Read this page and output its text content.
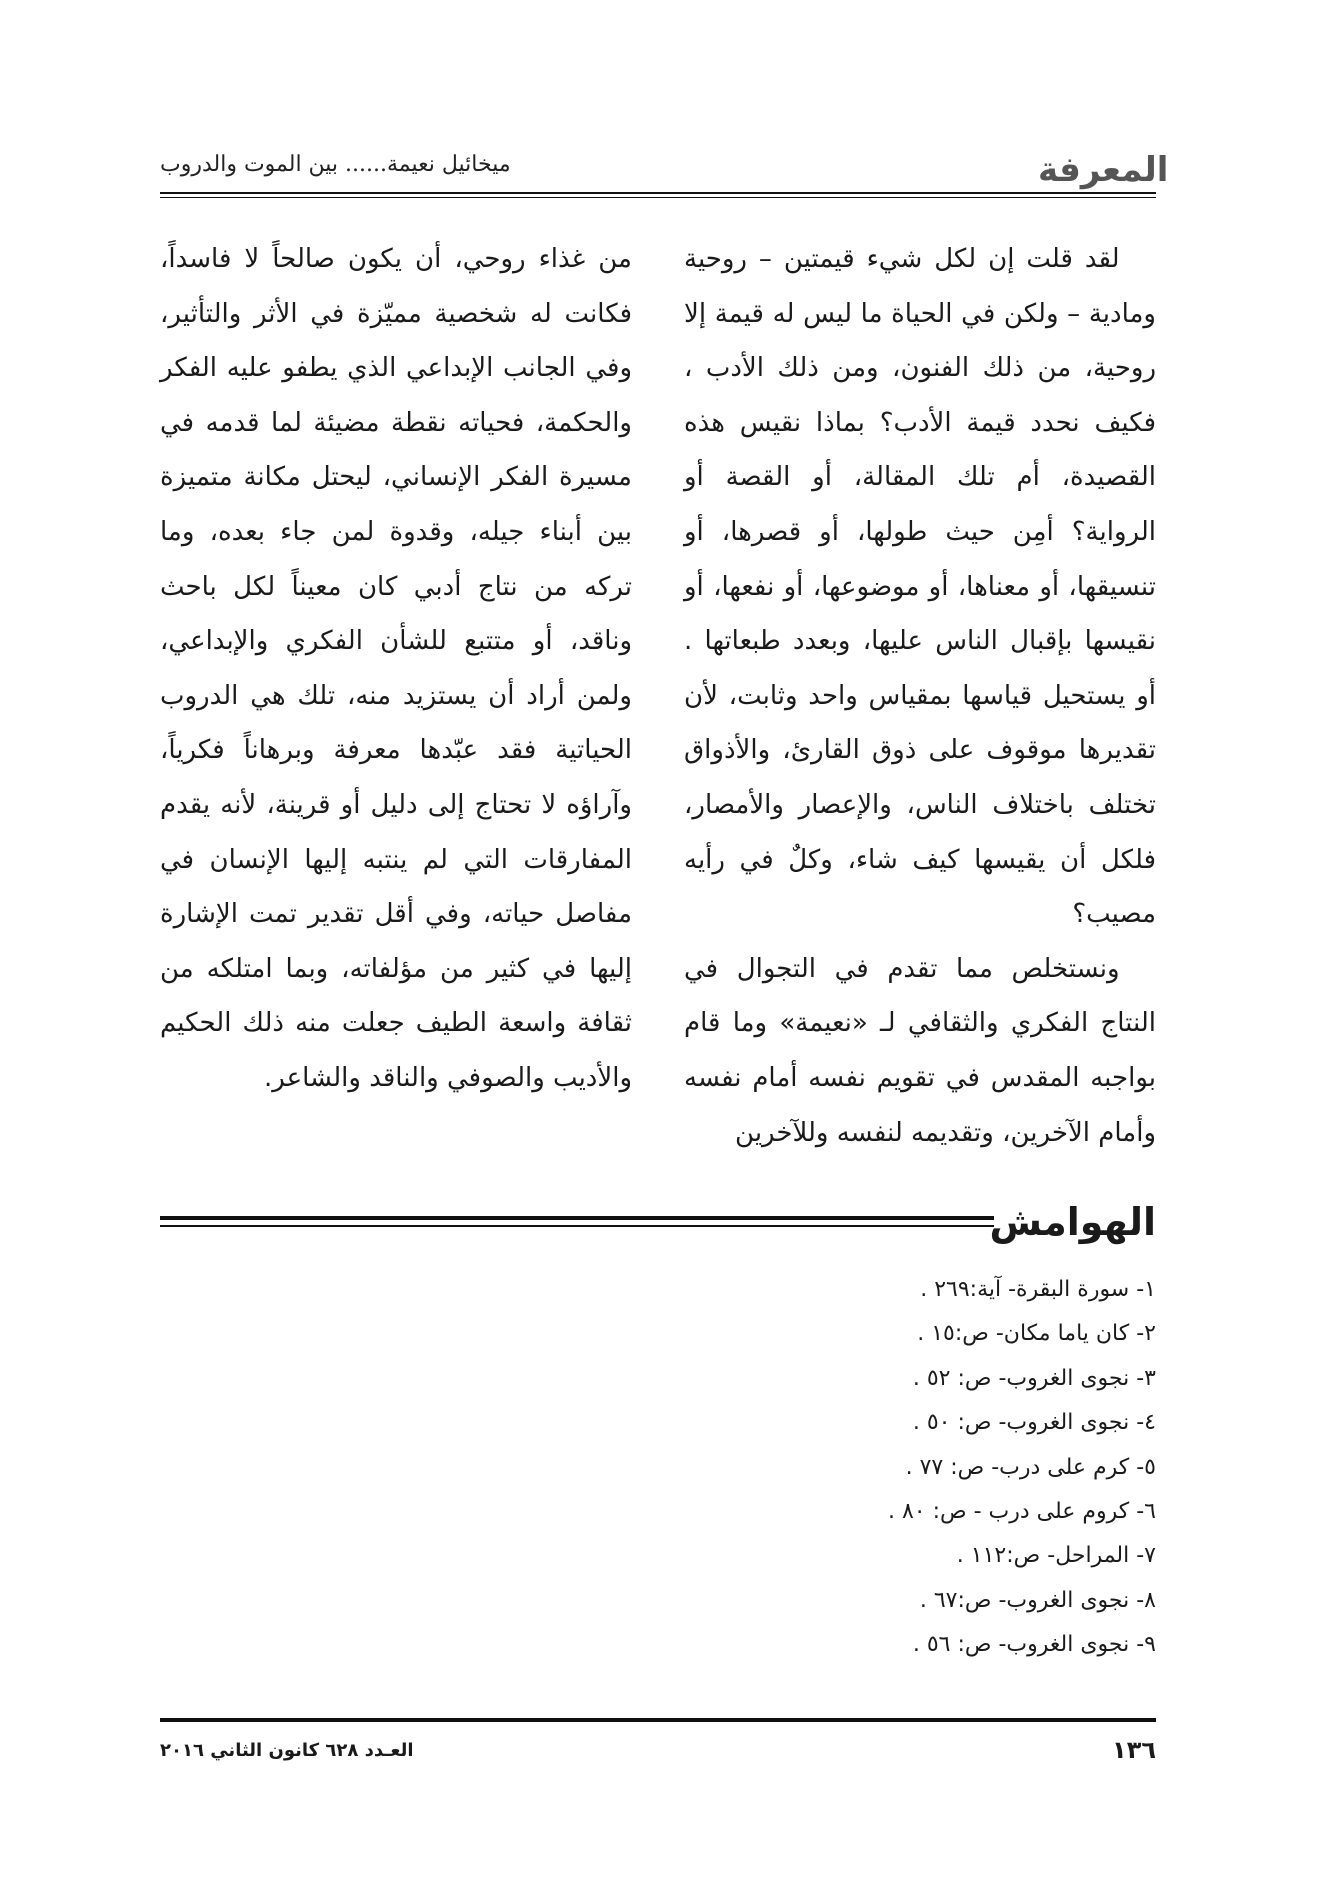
المعرفة
ميخائيل نعيمة...... بين الموت والدروب

لقد قلت إن لكل شيء قيمتين – روحية ومادية – ولكن في الحياة ما ليس له قيمة إلا روحية، من ذلك الفنون، ومن ذلك الأدب ، فكيف نحدد قيمة الأدب؟ بماذا نقيس هذه القصيدة، أم تلك المقالة، أو القصة أو الرواية؟ أمِن حيث طولها، أو قصرها، أو تنسيقها، أو معناها، أو موضوعها، أو نفعها، أو نقيسها بإقبال الناس عليها، وبعدد طبعاتها . أو يستحيل قياسها بمقياس واحد وثابت، لأن تقديرها موقوف على ذوق القارئ، والأذواق تختلف باختلاف الناس، والإعصار والأمصار، فلكل أن يقيسها كيف شاء، وكلٌ في رأيه مصيب؟

ونستخلص مما تقدم في التجوال في النتاج الفكري والثقافي لـ «نعيمة» وما قام بواجبه المقدس في تقويم نفسه أمام نفسه وأمام الآخرين، وتقديمه لنفسه وللآخرين

من غذاء روحي، أن يكون صالحاً لا فاسداً، فكانت له شخصية مميّزة في الأثر والتأثير، وفي الجانب الإبداعي الذي يطفو عليه الفكر والحكمة، فحياته نقطة مضيئة لما قدمه في مسيرة الفكر الإنساني، ليحتل مكانة متميزة بين أبناء جيله، وقدوة لمن جاء بعده، وما تركه من نتاج أدبي كان معيناً لكل باحث وناقد، أو متتبع للشأن الفكري والإبداعي، ولمن أراد أن يستزيد منه، تلك هي الدروب الحياتية فقد عبّدها معرفة وبرهاناً فكرياً، وآراؤه لا تحتاج إلى دليل أو قرينة، لأنه يقدم المفارقات التي لم ينتبه إليها الإنسان في مفاصل حياته، وفي أقل تقدير تمت الإشارة إليها في كثير من مؤلفاته، وبما امتلكه من ثقافة واسعة الطيف جعلت منه ذلك الحكيم والأديب والصوفي والناقد والشاعر.

الهوامش
١- سورة البقرة- آية:٢٦٩ .
٢- كان ياما مكان- ص:١٥ .
٣- نجوى الغروب- ص: ٥٢ .
٤- نجوى الغروب- ص: ٥٠ .
٥- كرم على درب- ص: ٧٧ .
٦- كروم على درب - ص: ٨٠ .
٧- المراحل- ص:١١٢ .
٨- نجوى الغروب- ص:٦٧ .
٩- نجوى الغروب- ص: ٥٦ .
١٣٦
العـدد ٦٢٨ كانون الثاني ٢٠١٦
